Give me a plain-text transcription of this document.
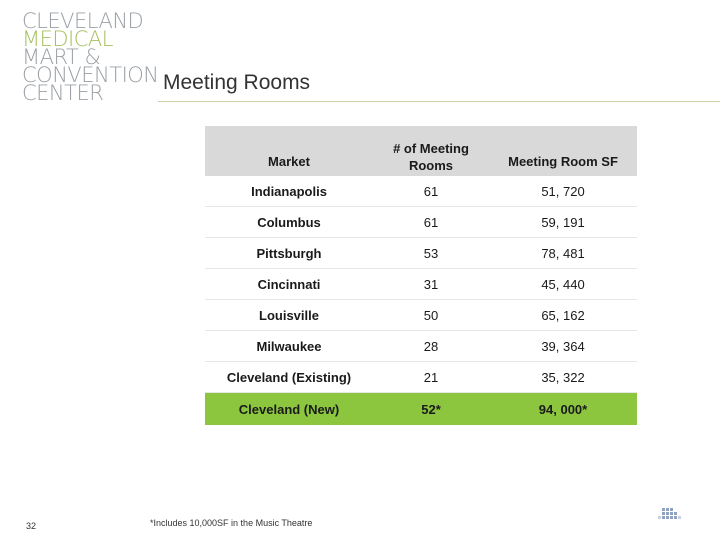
CLEVELAND
MEDICAL
MART &
CONVENTION
CENTER	Meeting Rooms
Market	# of Meeting Rooms	Meeting Room SF
Indianapolis	61	51, 720
Columbus	61	59, 191
Pittsburgh	53	78, 481
Cincinnati	31	45, 440
Louisville	50	65, 162
Milwaukee	28	39, 364
Cleveland (Existing)	21	35, 322
Cleveland (New)	52*	94, 000*
32	*Includes 10,000SF in the Music Theatre
